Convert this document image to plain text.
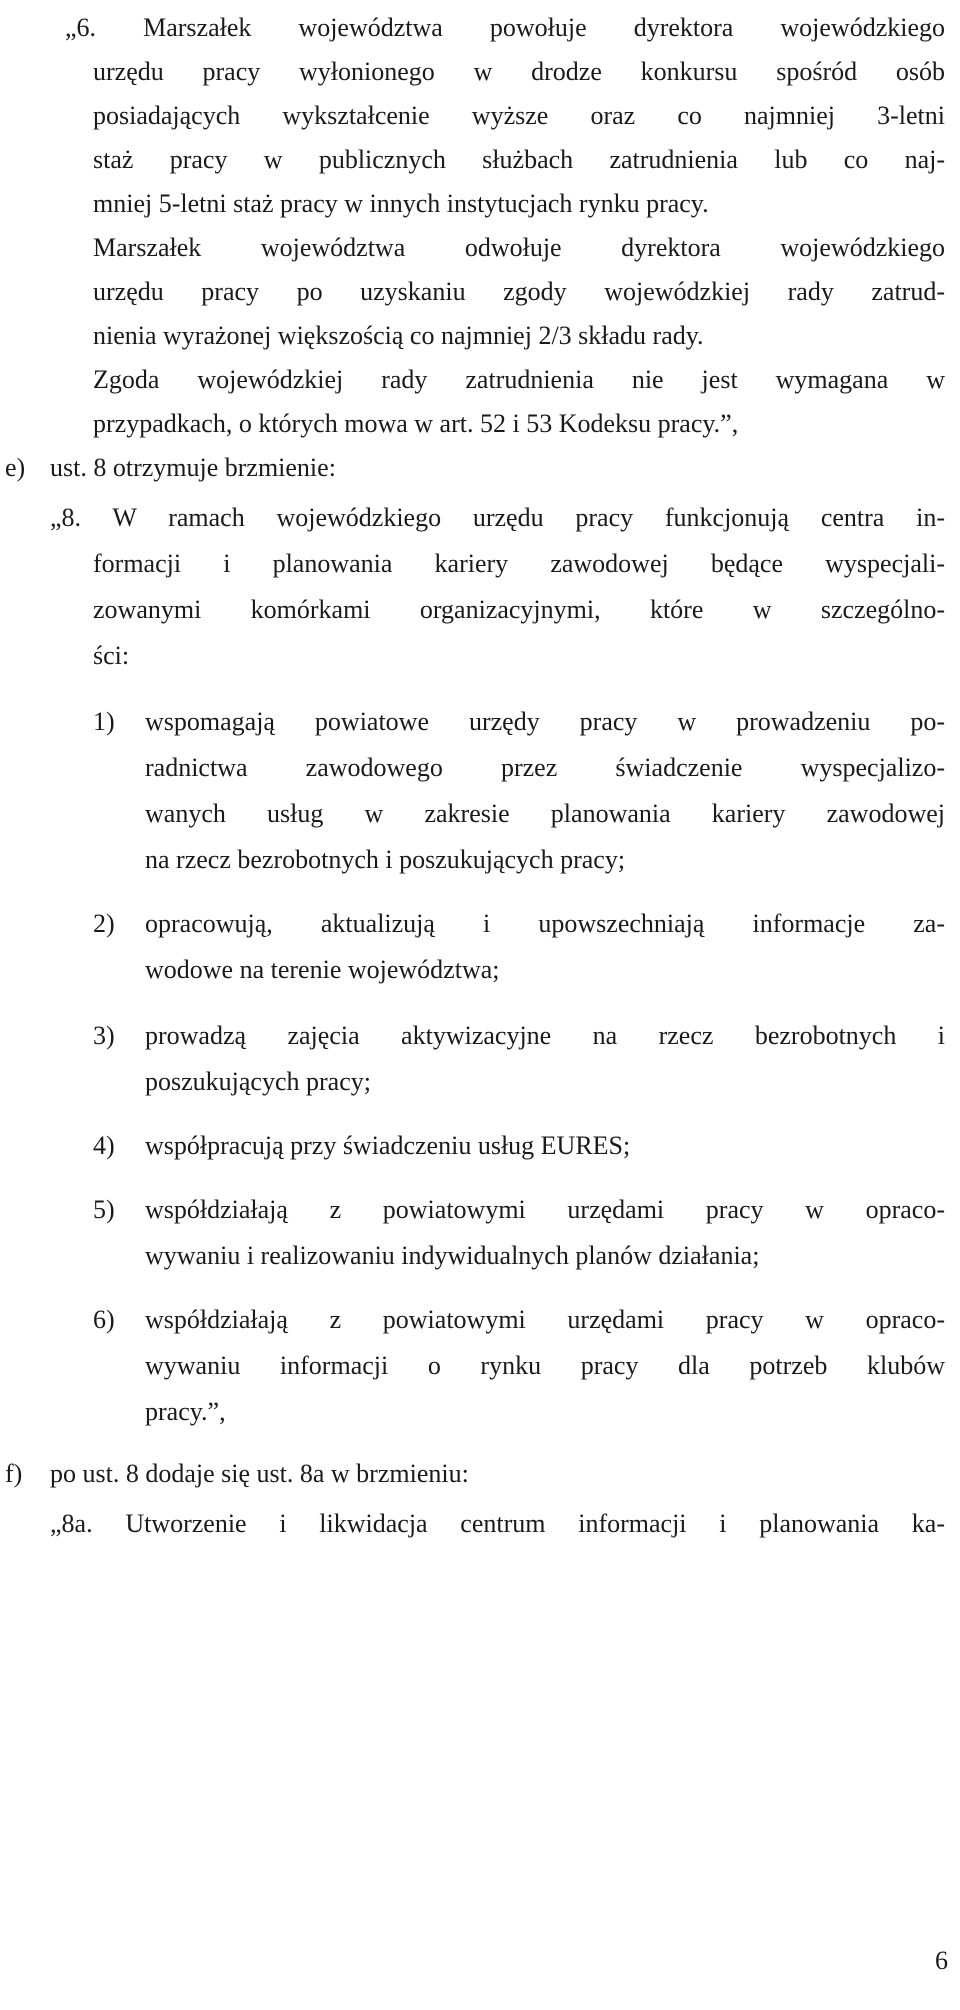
„6. Marszałek województwa powołuje dyrektora wojewódzkiego
urzędu pracy wyłonionego w drodze konkursu spośród osób
posiadających wykształcenie wyższe oraz co najmniej 3-letni
staż pracy w publicznych służbach zatrudnienia lub co naj-
mniej 5-letni staż pracy w innych instytucjach rynku pracy.
Marszałek województwa odwołuje dyrektora wojewódzkiego
urzędu pracy po uzyskaniu zgody wojewódzkiej rady zatrud-
nienia wyrażonej większością co najmniej 2/3 składu rady.
Zgoda wojewódzkiej rady zatrudnienia nie jest wymagana w
przypadkach, o których mowa w art. 52 i 53 Kodeksu pracy.”,
e) ust. 8 otrzymuje brzmienie:
„8. W ramach wojewódzkiego urzędu pracy funkcjonują centra in-
formacji i planowania kariery zawodowej będące wyspecjali-
zowanymi komórkami organizacyjnymi, które w szczególno-
ści:
1) wspomagają powiatowe urzędy pracy w prowadzeniu po-
radnictwa zawodowego przez świadczenie wyspecjalizo-
wanych usług w zakresie planowania kariery zawodowej
na rzecz bezrobotnych i poszukujących pracy;
2) opracowują, aktualizują i upowszechniają informacje za-
wodowe na terenie województwa;
3) prowadzą zajęcia aktywizacyjne na rzecz bezrobotnych i
poszukujących pracy;
4) współpracują przy świadczeniu usług EURES;
5) współdziałają z powiatowymi urzędami pracy w opraco-
wywaniu i realizowaniu indywidualnych planów działania;
6) współdziałają z powiatowymi urzędami pracy w opraco-
wywaniu informacji o rynku pracy dla potrzeb klubów
pracy.”,
f) po ust. 8 dodaje się ust. 8a w brzmieniu:
„8a. Utworzenie i likwidacja centrum informacji i planowania ka-
6
